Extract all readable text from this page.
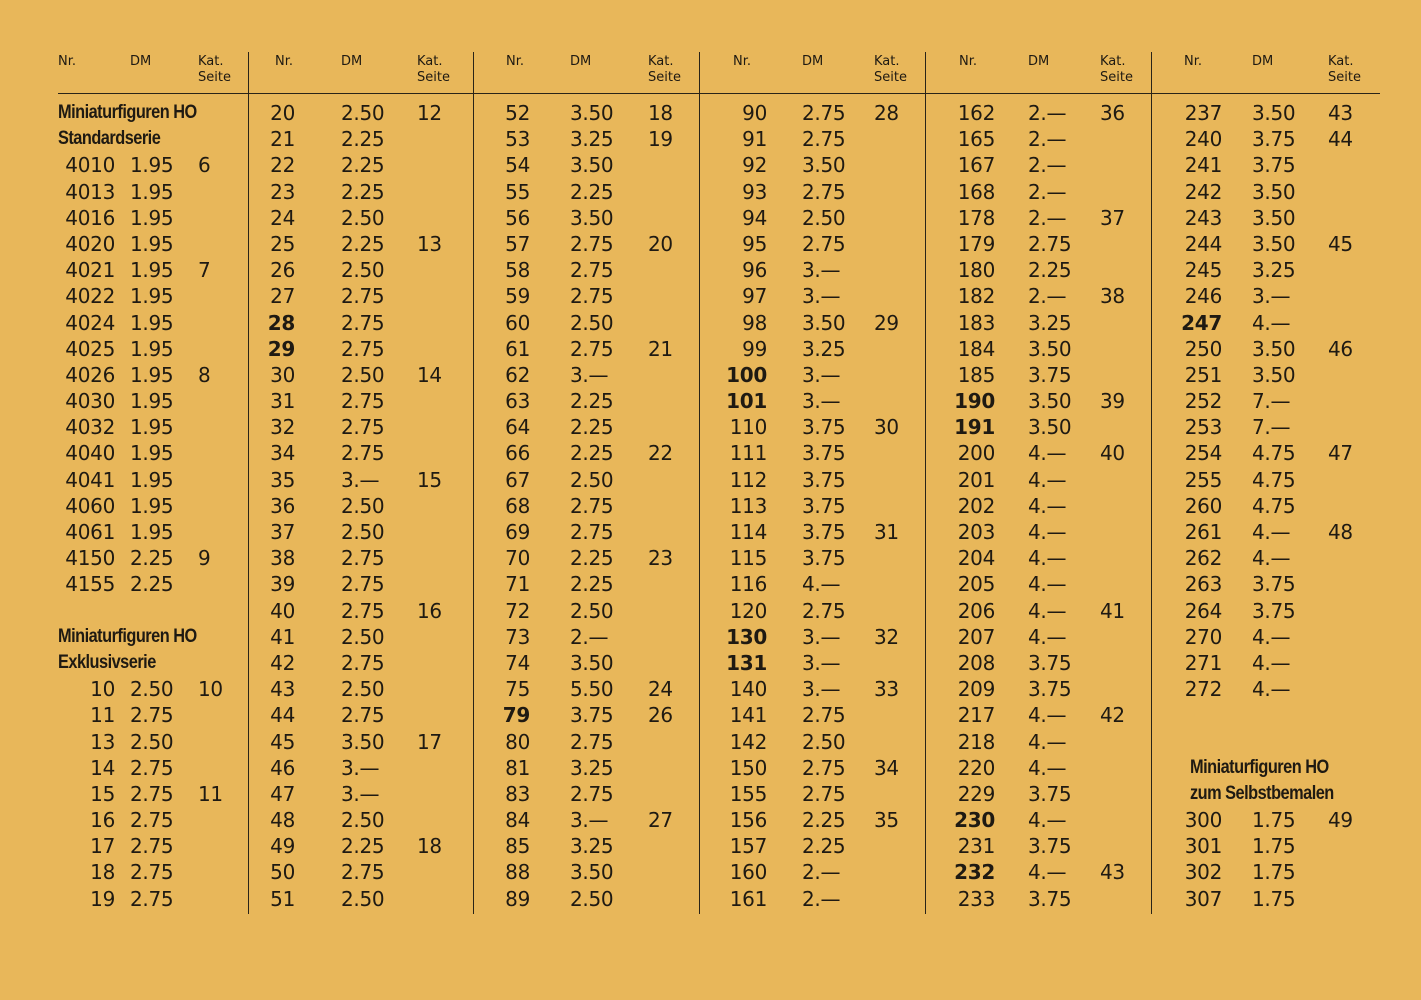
Nr.	DM	Kat.
Seite
Miniaturfiguren HO
Standardserie
4010 1.95 6
4013 1.95
4016 1.95
4020 1.95
4021 1.95 7
4022 1.95
4024 1.95
4025 1.95
4026 1.95 8
4030 1.95
4032 1.95
4040 1.95
4041 1.95
4060 1.95
4061 1.95
4150 2.25 9
4155 2.25
Miniaturfiguren HO
Exklusivserie
10 2.50 10
11 2.75
13 2.50
14 2.75
15 2.75 11
16 2.75
17 2.75
18 2.75
19 2.75
Nr.	DM	Kat.
Seite
20 2.50 12
21 2.25
22 2.25
23 2.25
24 2.50
25 2.25 13
26 2.50
27 2.75
28 2.75
29 2.75
30 2.50 14
31 2.75
32 2.75
34 2.75
35 3.— 15
36 2.50
37 2.50
38 2.75
39 2.75
40 2.75 16
41 2.50
42 2.75
43 2.50
44 2.75
45 3.50 17
46 3.—
47 3.—
48 2.50
49 2.25 18
50 2.75
51 2.50
Nr.	DM	Kat.
Seite
52 3.50 18
53 3.25 19
54 3.50
55 2.25
56 3.50
57 2.75 20
58 2.75
59 2.75
60 2.50
61 2.75 21
62 3.—
63 2.25
64 2.25
66 2.25 22
67 2.50
68 2.75
69 2.75
70 2.25 23
71 2.25
72 2.50
73 2.—
74 3.50
75 5.50 24
79 3.75 26
80 2.75
81 3.25
83 2.75
84 3.— 27
85 3.25
88 3.50
89 2.50
Nr.	DM	Kat.
Seite
90 2.75 28
91 2.75
92 3.50
93 2.75
94 2.50
95 2.75
96 3.—
97 3.—
98 3.50 29
99 3.25
100 3.—
101 3.—
110 3.75 30
111 3.75
112 3.75
113 3.75
114 3.75 31
115 3.75
116 4.—
120 2.75
130 3.— 32
131 3.—
140 3.— 33
141 2.75
142 2.50
150 2.75 34
155 2.75
156 2.25 35
157 2.25
160 2.—
161 2.—
Nr.	DM	Kat.
Seite
162 2.— 36
165 2.—
167 2.—
168 2.—
178 2.— 37
179 2.75
180 2.25
182 2.— 38
183 3.25
184 3.50
185 3.75
190 3.50 39
191 3.50
200 4.— 40
201 4.—
202 4.—
203 4.—
204 4.—
205 4.—
206 4.— 41
207 4.—
208 3.75
209 3.75
217 4.— 42
218 4.—
220 4.—
229 3.75
230 4.—
231 3.75
232 4.— 43
233 3.75
Nr.	DM	Kat.
Seite
237 3.50 43
240 3.75 44
241 3.75
242 3.50
243 3.50
244 3.50 45
245 3.25
246 3.—
247 4.—
250 3.50 46
251 3.50
252 7.—
253 7.—
254 4.75 47
255 4.75
260 4.75
261 4.— 48
262 4.—
263 3.75
264 3.75
270 4.—
271 4.—
272 4.—
Miniaturfiguren HO
zum Selbstbemalen
300 1.75 49
301 1.75
302 1.75
307 1.75
